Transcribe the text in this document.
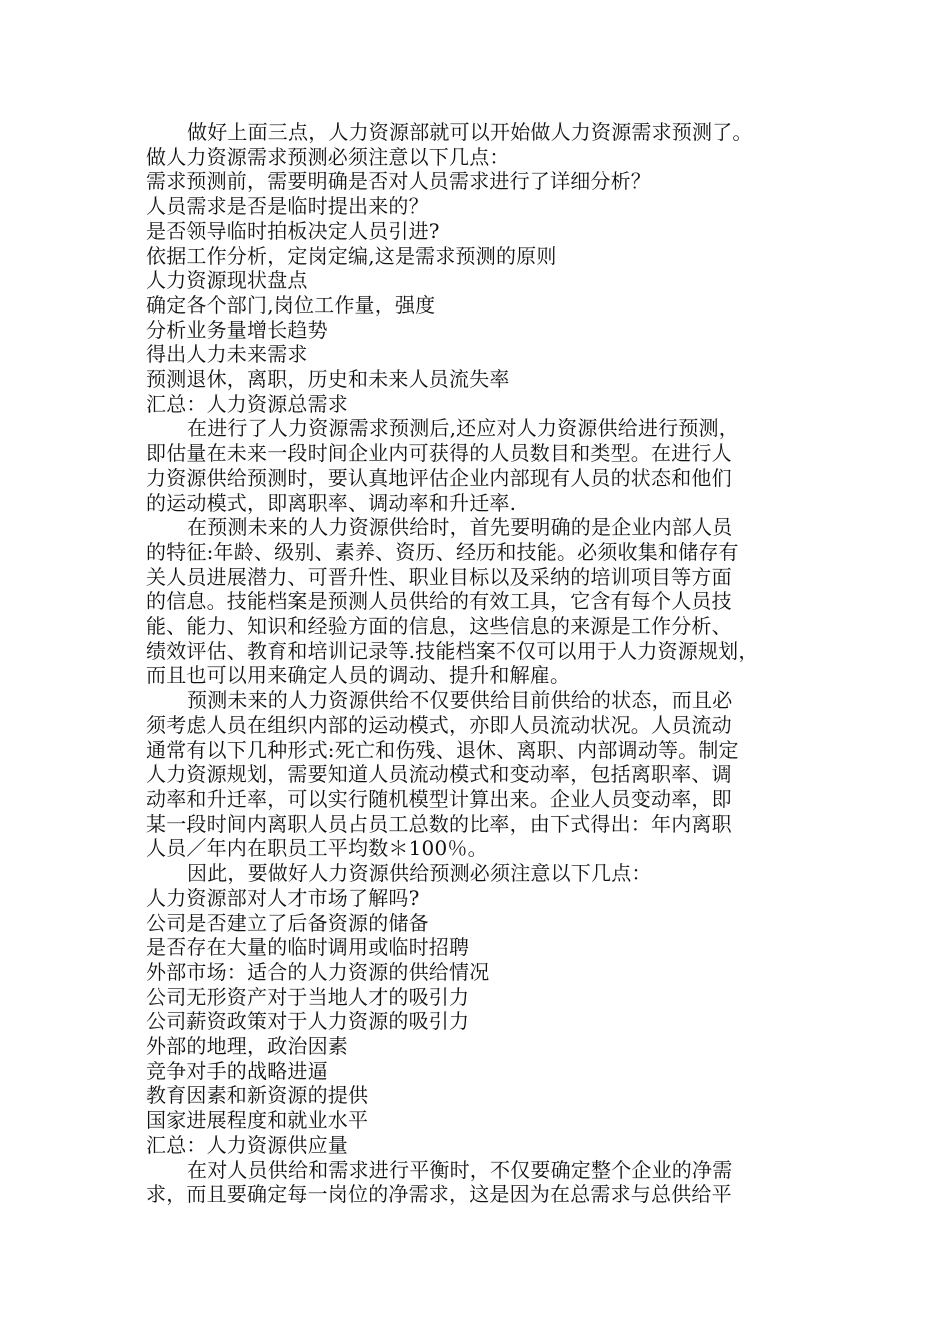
做好上面三点，人力资源部就可以开始做人力资源需求预测了。

做人力资源需求预测必须注意以下几点：

需求预测前，需要明确是否对人员需求进行了详细分析？

人员需求是否是临时提出来的？

是否领导临时拍板决定人员引进?

依据工作分析，定岗定编,这是需求预测的原则

人力资源现状盘点

确定各个部门,岗位工作量，强度

分析业务量增长趋势

得出人力未来需求

预测退休，离职，历史和未来人员流失率

汇总：人力资源总需求

在进行了人力资源需求预测后,还应对人力资源供给进行预测，

即估量在未来一段时间企业内可获得的人员数目和类型。在进行人

力资源供给预测时，要认真地评估企业内部现有人员的状态和他们

的运动模式，即离职率、调动率和升迁率.

在预测未来的人力资源供给时，首先要明确的是企业内部人员

的特征:年龄、级别、素养、资历、经历和技能。必须收集和储存有

关人员进展潜力、可晋升性、职业目标以及采纳的培训项目等方面

的信息。技能档案是预测人员供给的有效工具，它含有每个人员技

能、能力、知识和经验方面的信息，这些信息的来源是工作分析、

绩效评估、教育和培训记录等.技能档案不仅可以用于人力资源规划，

而且也可以用来确定人员的调动、提升和解雇。

预测未来的人力资源供给不仅要供给目前供给的状态，而且必

须考虑人员在组织内部的运动模式，亦即人员流动状况。人员流动

通常有以下几种形式:死亡和伤残、退休、离职、内部调动等。制定

人力资源规划，需要知道人员流动模式和变动率，包括离职率、调

动率和升迁率，可以实行随机模型计算出来。企业人员变动率，即

某一段时间内离职人员占员工总数的比率，由下式得出：年内离职

人员／年内在职员工平均数＊100％。

因此，要做好人力资源供给预测必须注意以下几点：

人力资源部对人才市场了解吗?

公司是否建立了后备资源的储备

是否存在大量的临时调用或临时招聘

外部市场：适合的人力资源的供给情况

公司无形资产对于当地人才的吸引力

公司薪资政策对于人力资源的吸引力

外部的地理，政治因素

竞争对手的战略进逼

教育因素和新资源的提供

国家进展程度和就业水平

汇总：人力资源供应量

在对人员供给和需求进行平衡时，不仅要确定整个企业的净需

求，而且要确定每一岗位的净需求，这是因为在总需求与总供给平
